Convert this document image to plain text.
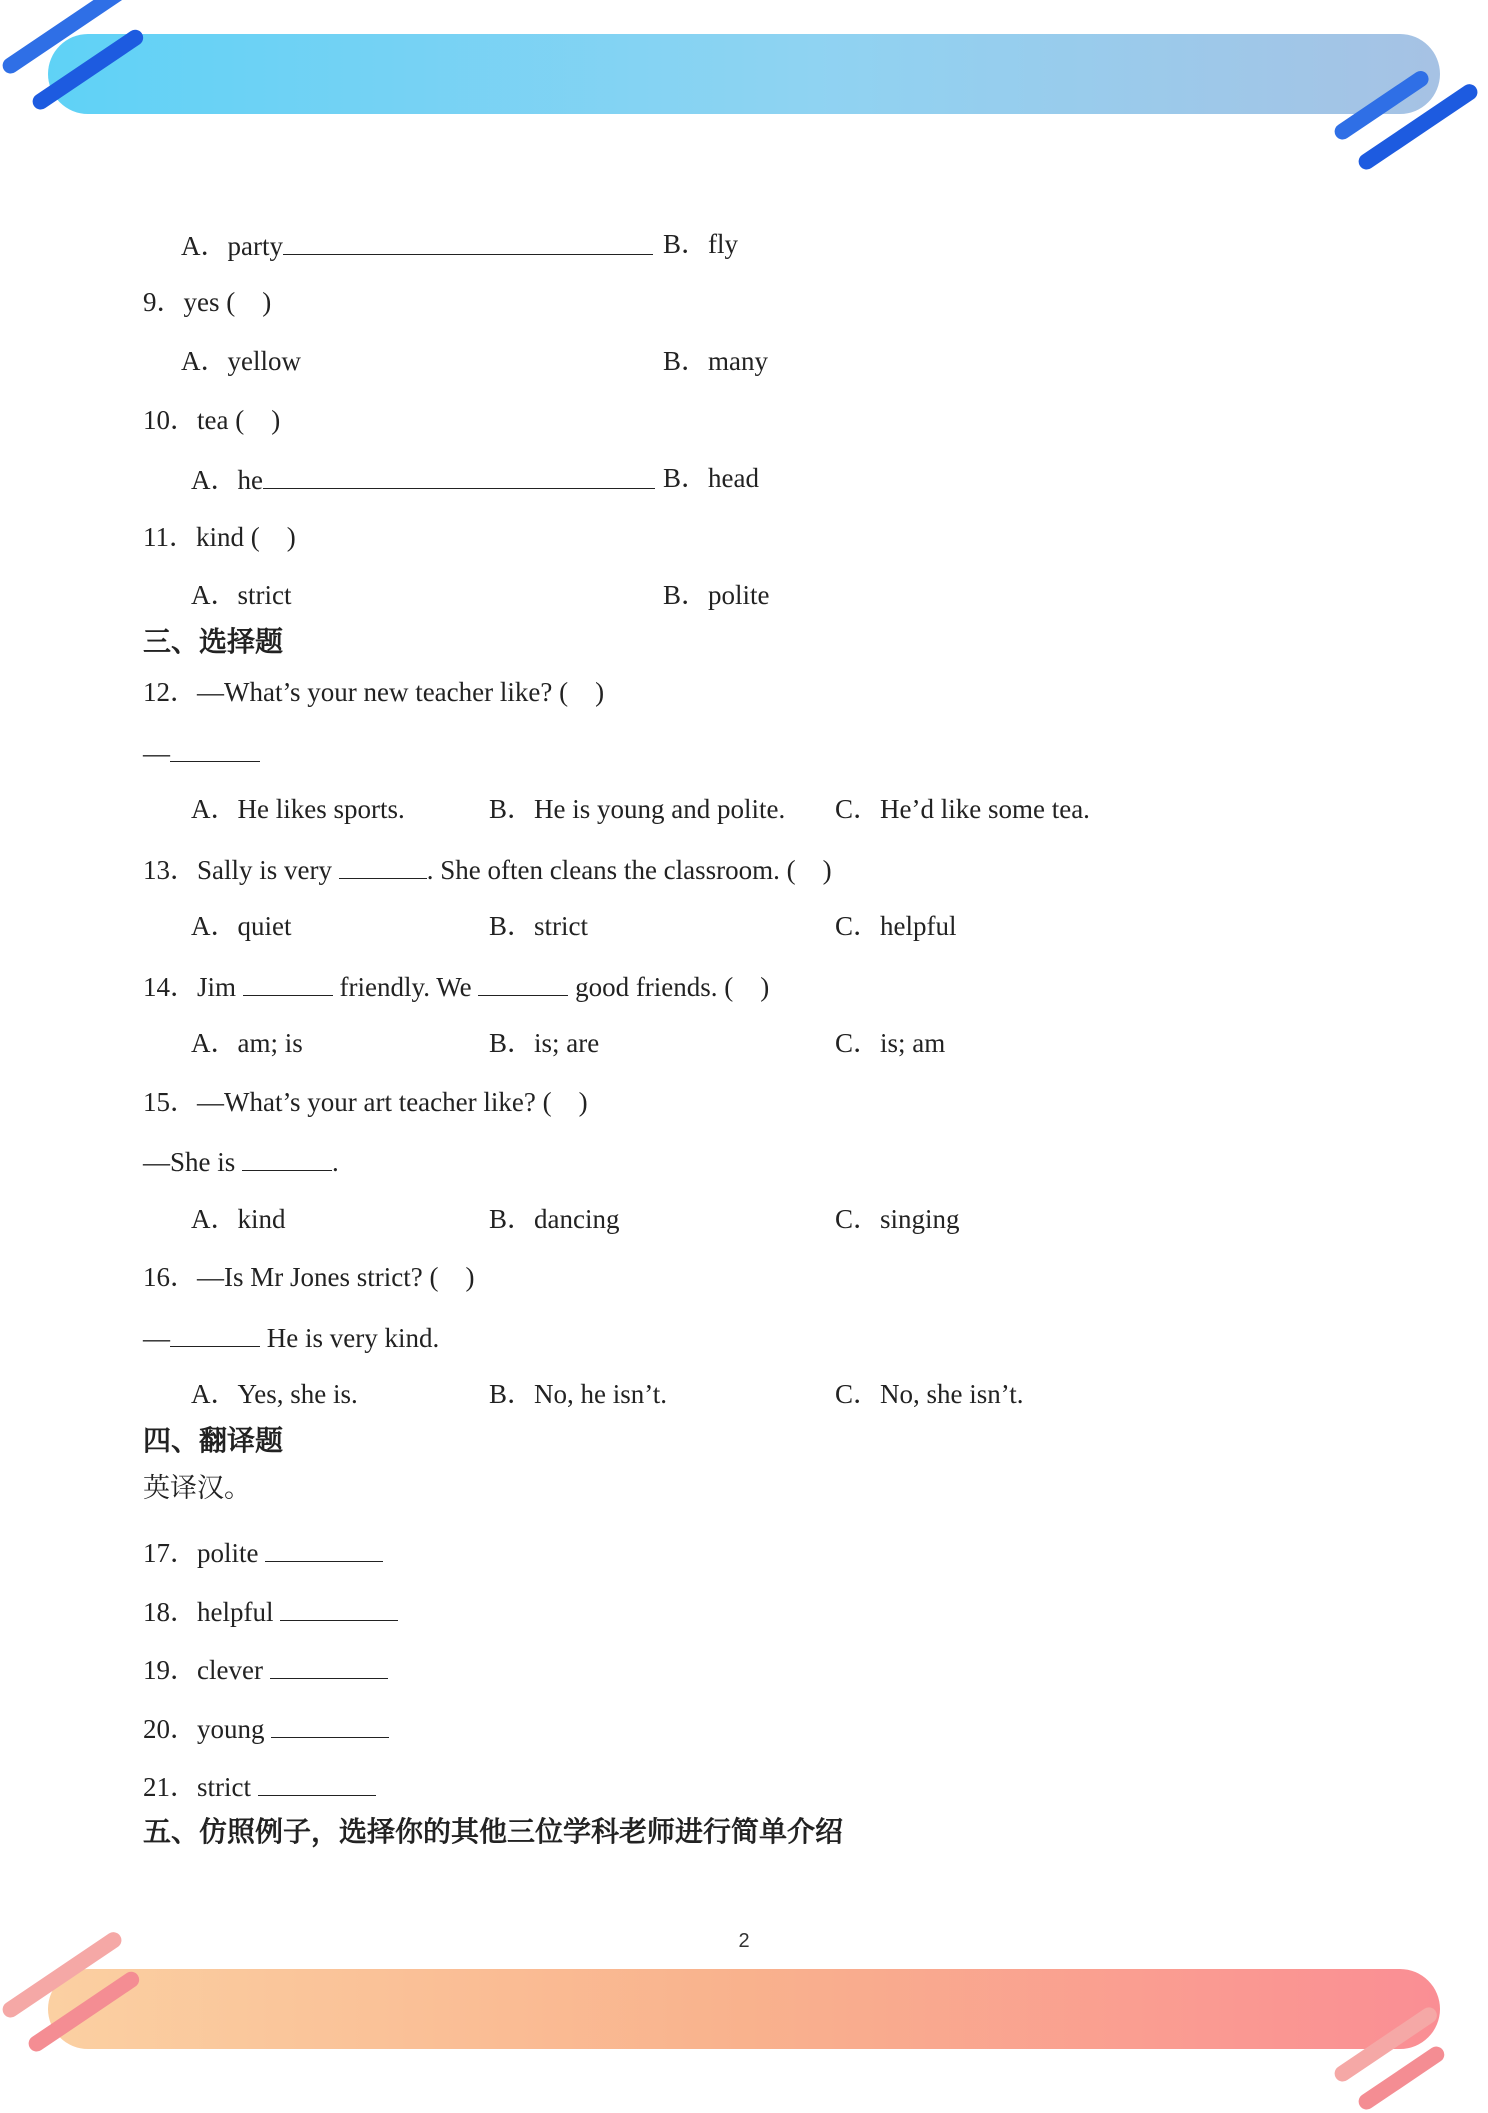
A．party	B．fly
9．yes (    )
A．yellow	B．many
10．tea (    )
A．he	B．head
11．kind (    )
A．strict	B．polite
三、选择题
12．—What’s your new teacher like? (    )
—
A．He likes sports.	B．He is young and polite. C．He’d like some tea.
13．Sally is very	. She often cleans the classroom. (    )
A．quiet	B．strict	C．helpful
14．Jim	friendly. We	good friends. (    )
A．am; is	B．is; are	C．is; am
15．—What’s your art teacher like? (    )
—She is	.
A．kind	B．dancing	C．singing
16．—Is Mr Jones strict? (    )
—	He is very kind.
A．Yes, she is.	B．No, he isn’t.	C．No, she isn’t.
四、翻译题
英译汉。
17．polite
18．helpful
19．clever
20．young
21．strict
五、仿照例子，选择你的其他三位学科老师进行简单介绍
2
